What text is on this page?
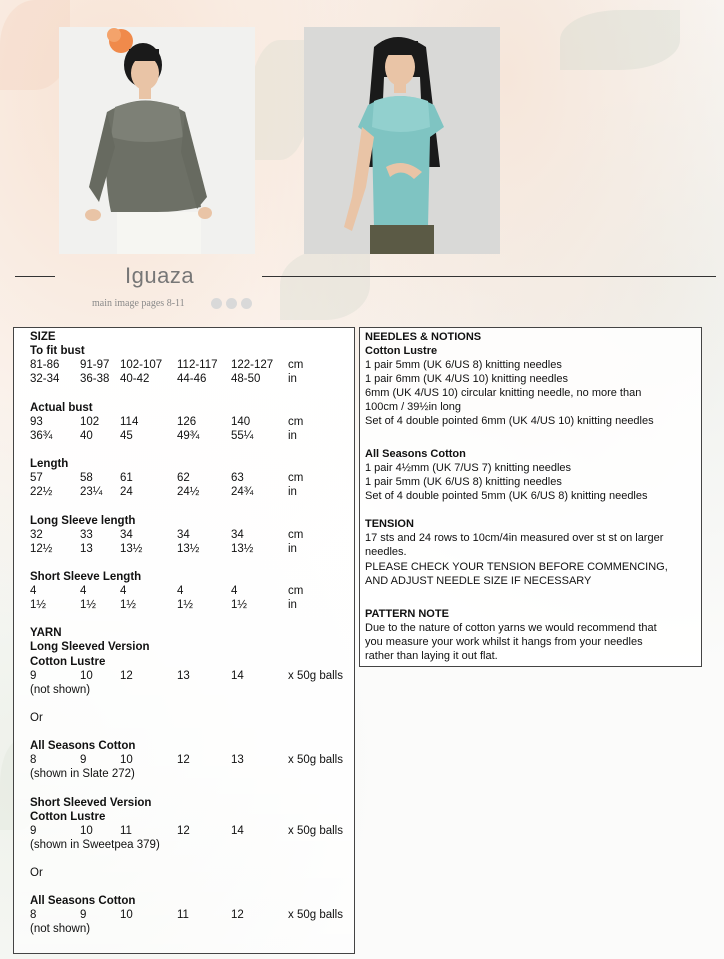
Iguaza
main image pages 8-11
SIZE
To fit bust
81-86 91-97 102-107 112-117 122-127 cm
32-34 36-38 40-42 44-46 48-50 in
Actual bust
93	102 114	126	140	cm
36¾ 40 45	49¾	55¼	in
Length
57	58 61	62	63	cm
22½ 23¼ 24	24½	24¾	in
Long Sleeve length
32	33 34	34	34	cm
12½ 13 13½	13½	13½	in
Short Sleeve Length
4	4	4	4	4	cm
1½	1½ 1½	1½	1½	in
YARN
Long Sleeved Version
Cotton Lustre
9	10 12	13	14	x 50g balls
(not shown)
Or
All Seasons Cotton
8	9	10	12	13	x 50g balls
(shown in Slate 272)
Short Sleeved Version
Cotton Lustre
9	10 11	12	14	x 50g balls
(shown in Sweetpea 379)
Or
All Seasons Cotton
8	9	10	11	12	x 50g balls
(not shown)
NEEDLES & NOTIONS
Cotton Lustre
1 pair 5mm (UK 6/US 8) knitting needles
1 pair 6mm (UK 4/US 10) knitting needles
6mm (UK 4/US 10) circular knitting needle, no more than
100cm / 39½in long
Set of 4 double pointed 6mm (UK 4/US 10) knitting needles
All Seasons Cotton
1 pair 4½mm (UK 7/US 7) knitting needles
1 pair 5mm (UK 6/US 8) knitting needles
Set of 4 double pointed 5mm (UK 6/US 8) knitting needles
TENSION
17 sts and 24 rows to 10cm/4in measured over st st on larger
needles.
PLEASE CHECK YOUR TENSION BEFORE COMMENCING,
AND ADJUST NEEDLE SIZE IF NECESSARY
PATTERN NOTE
Due to the nature of cotton yarns we would recommend that
you measure your work whilst it hangs from your needles
rather than laying it out flat.
